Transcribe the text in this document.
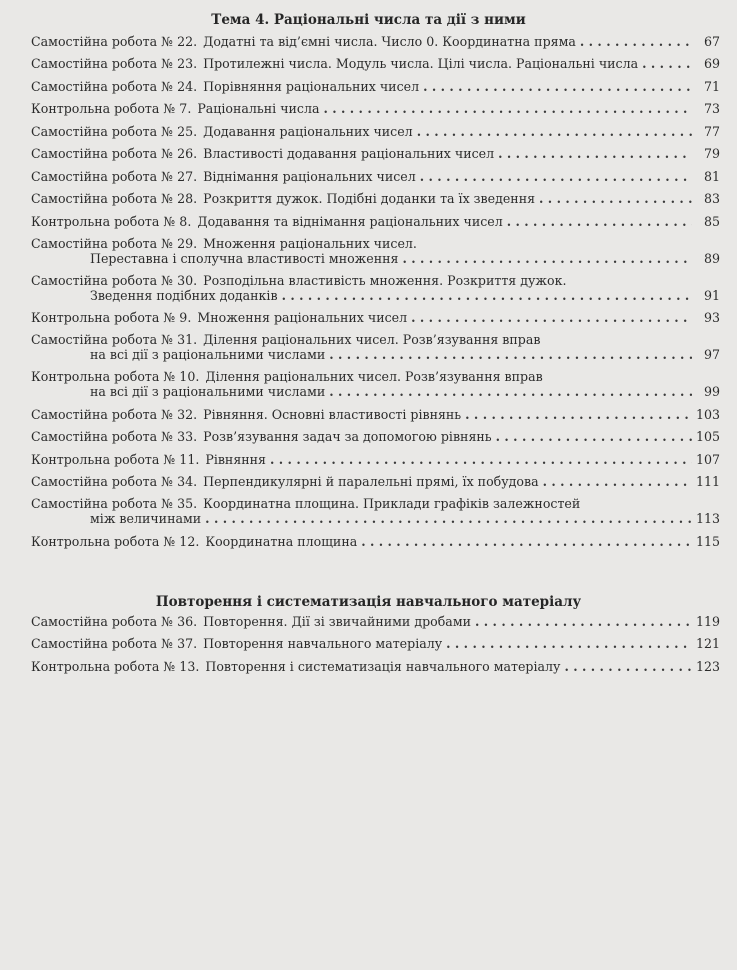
Тема 4. Раціональні числа та дії з ними
Самостійна робота № 22. Додатні та від’ємні числа. Число 0. Координатна пряма . . .	67
Самостійна робота № 23. Протилежні числа. Модуль числа. Цілі числа. Раціональні числа . . .	69
Самостійна робота № 24. Порівняння раціональних чисел . . .	71
Контрольна робота № 7. Раціональні числа . . .	73
Самостійна робота № 25. Додавання раціональних чисел . . .	77
Самостійна робота № 26. Властивості додавання раціональних чисел . . .	79
Самостійна робота № 27. Віднімання раціональних чисел . . .	81
Самостійна робота № 28. Розкриття дужок. Подібні доданки та їх зведення . . .	83
Контрольна робота № 8. Додавання та віднімання раціональних чисел . . .	85
Самостійна робота № 29. Множення раціональних чисел.
Переставна і сполучна властивості множення . . .	89
Самостійна робота № 30. Розподільна властивість множення. Розкриття дужок.
Зведення подібних доданків . . .	91
Контрольна робота № 9. Множення раціональних чисел . . .	93
Самостійна робота № 31. Ділення раціональних чисел. Розв’язування вправ
на всі дії з раціональними числами . . .	97
Контрольна робота № 10. Ділення раціональних чисел. Розв’язування вправ
на всі дії з раціональними числами . . .	99
Самостійна робота № 32. Рівняння. Основні властивості рівнянь . . .	103
Самостійна робота № 33. Розв’язування задач за допомогою рівнянь . . .	105
Контрольна робота № 11. Рівняння . . .	107
Самостійна робота № 34. Перпендикулярні й паралельні прямі, їх побудова . . .	111
Самостійна робота № 35. Координатна площина. Приклади графіків залежностей
між величинами . . .	113
Контрольна робота № 12. Координатна площина . . .	115
Повторення і систематизація навчального матеріалу
Самостійна робота № 36. Повторення. Дії зі звичайними дробами . . .	119
Самостійна робота № 37. Повторення навчального матеріалу . . .	121
Контрольна робота № 13. Повторення і систематизація навчального матеріалу . . .	123
